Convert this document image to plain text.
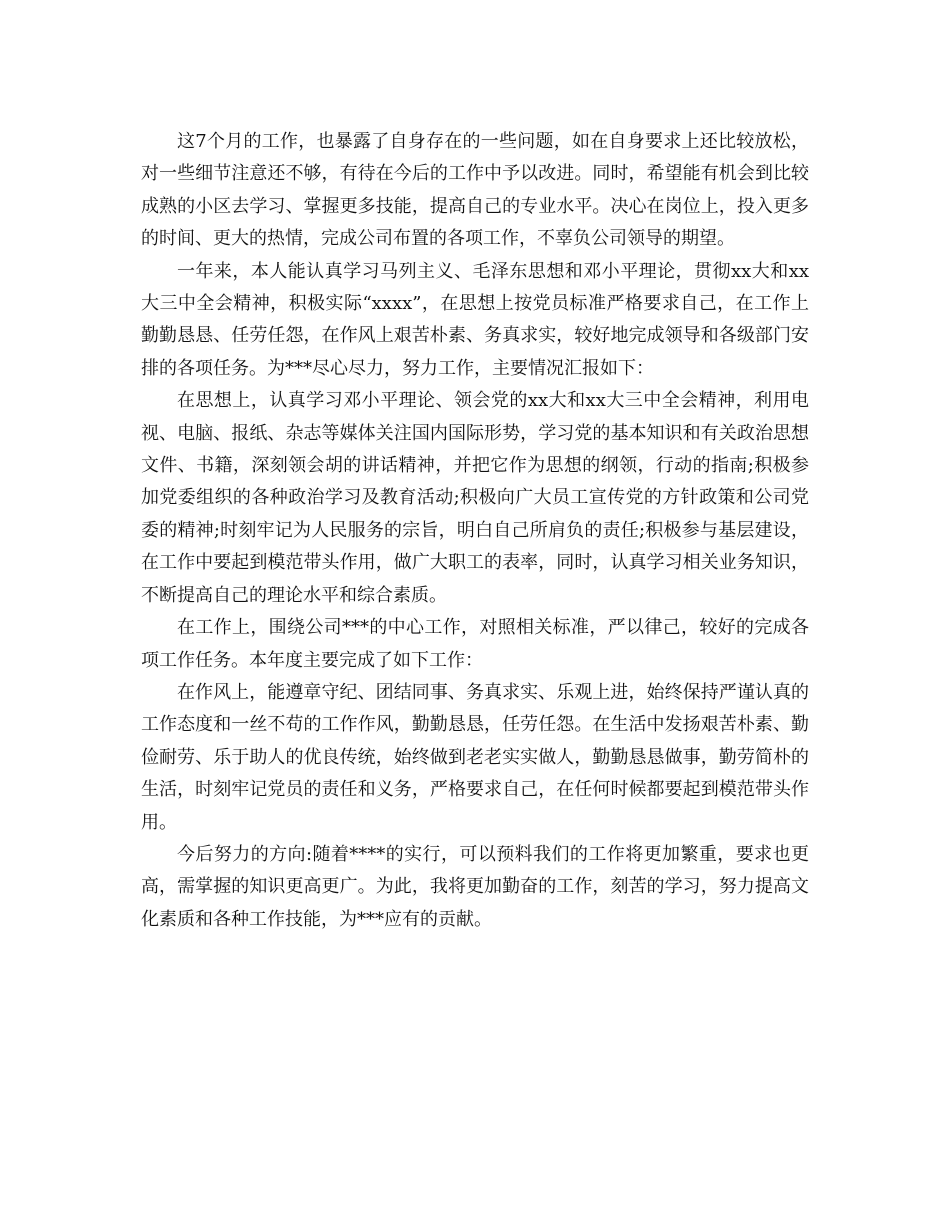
这7个月的工作，也暴露了自身存在的一些问题，如在自身要求上还比较放松，对一些细节注意还不够，有待在今后的工作中予以改进。同时，希望能有机会到比较成熟的小区去学习、掌握更多技能，提高自己的专业水平。决心在岗位上，投入更多的时间、更大的热情，完成公司布置的各项工作，不辜负公司领导的期望。

一年来，本人能认真学习马列主义、毛泽东思想和邓小平理论，贯彻xx大和xx大三中全会精神，积极实际“xxxx”，在思想上按党员标准严格要求自己，在工作上勤勤恳恳、任劳任怨，在作风上艰苦朴素、务真求实，较好地完成领导和各级部门安排的各项任务。为***尽心尽力，努力工作，主要情况汇报如下：

在思想上，认真学习邓小平理论、领会党的xx大和xx大三中全会精神，利用电视、电脑、报纸、杂志等媒体关注国内国际形势，学习党的基本知识和有关政治思想文件、书籍，深刻领会胡的讲话精神，并把它作为思想的纲领，行动的指南;积极参加党委组织的各种政治学习及教育活动;积极向广大员工宣传党的方针政策和公司党委的精神;时刻牢记为人民服务的宗旨，明白自己所肩负的责任;积极参与基层建设，在工作中要起到模范带头作用，做广大职工的表率，同时，认真学习相关业务知识，不断提高自己的理论水平和综合素质。

在工作上，围绕公司***的中心工作，对照相关标准，严以律己，较好的完成各项工作任务。本年度主要完成了如下工作：

在作风上，能遵章守纪、团结同事、务真求实、乐观上进，始终保持严谨认真的工作态度和一丝不苟的工作作风，勤勤恳恳，任劳任怨。在生活中发扬艰苦朴素、勤俭耐劳、乐于助人的优良传统，始终做到老老实实做人，勤勤恳恳做事，勤劳简朴的生活，时刻牢记党员的责任和义务，严格要求自己，在任何时候都要起到模范带头作用。

今后努力的方向:随着****的实行，可以预料我们的工作将更加繁重，要求也更高，需掌握的知识更高更广。为此，我将更加勤奋的工作，刻苦的学习，努力提高文化素质和各种工作技能，为***应有的贡献。
